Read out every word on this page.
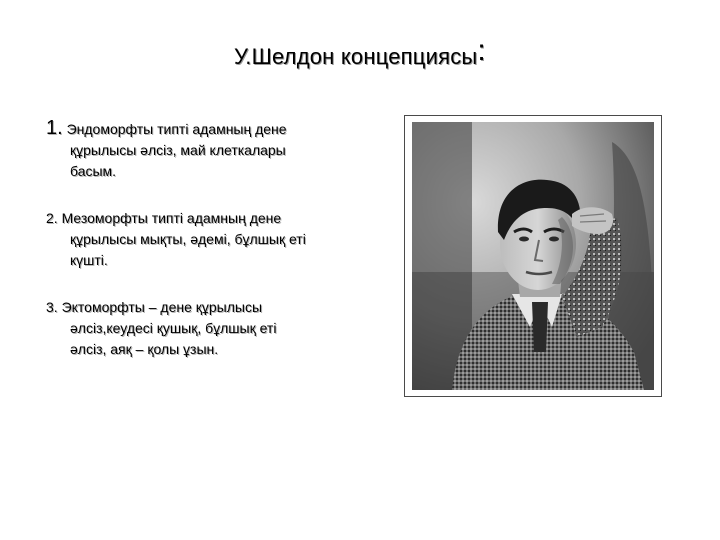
У.Шелдон концепциясы:
1. Эндоморфты типті адамның дене
құрылысы әлсіз, май клеткалары
басым.
2. Мезоморфты типті адамның дене
құрылысы мықты, әдемі, бұлшық еті
күшті.
3. Эктоморфты – дене құрылысы
әлсіз,кеудесі қушық, бұлшық еті
әлсіз, аяқ – қолы ұзын.
